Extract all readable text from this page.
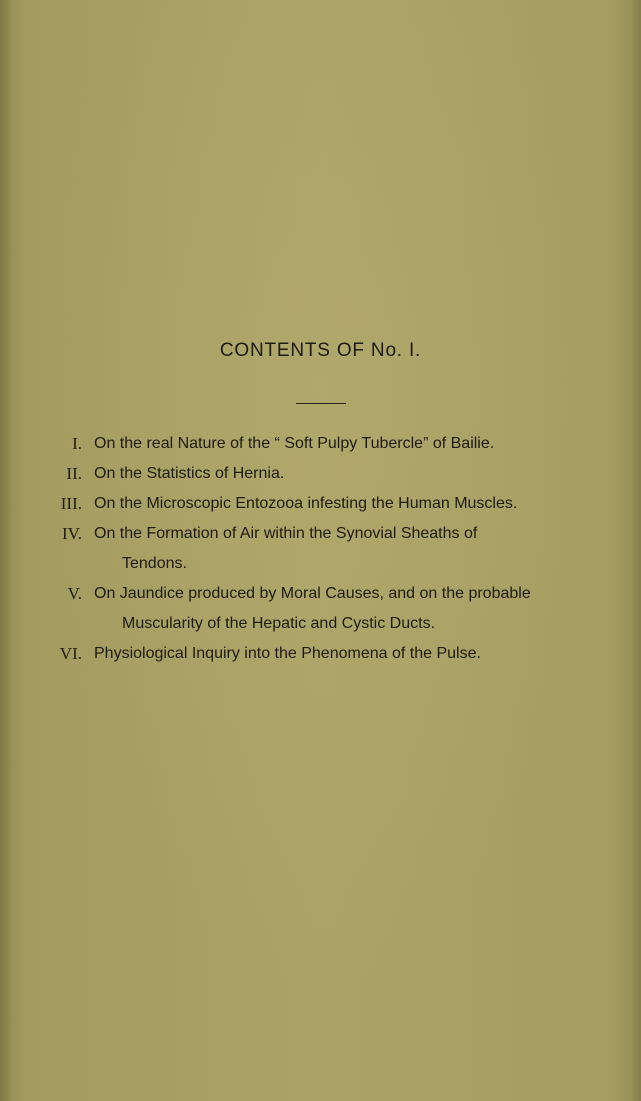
CONTENTS OF No. I.
I. On the real Nature of the “ Soft Pulpy Tubercle” of Bailie.
II. On the Statistics of Hernia.
III. On the Microscopic Entozooa infesting the Human Muscles.
IV. On the Formation of Air within the Synovial Sheaths of
Tendons.
V. On Jaundice produced by Moral Causes, and on the probable
Muscularity of the Hepatic and Cystic Ducts.
VI. Physiological Inquiry into the Phenomena of the Pulse.
